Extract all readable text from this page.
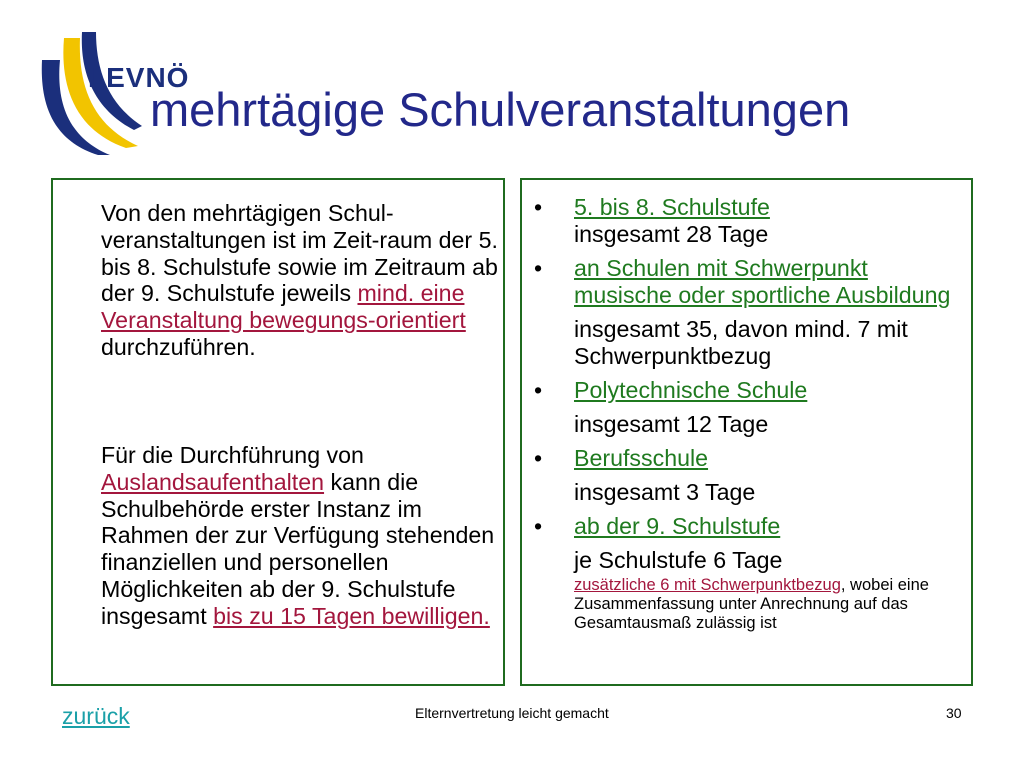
LEVNÖ
mehrtägige Schulveranstaltungen

Von den mehrtägigen Schul-veranstaltungen ist im Zeit-raum der 5. bis 8. Schulstufe sowie im Zeitraum ab der 9. Schulstufe jeweils mind. eine Veranstaltung bewegungs-orientiert durchzuführen.

Für die Durchführung von Auslandsaufenthalten kann die Schulbehörde erster Instanz im Rahmen der zur Verfügung stehenden finanziellen und personellen Möglichkeiten ab der 9. Schulstufe insgesamt bis zu 15 Tagen bewilligen.

• 5. bis 8. Schulstufe
insgesamt 28 Tage
• an Schulen mit Schwerpunkt musische oder sportliche Ausbildung
insgesamt 35, davon mind. 7 mit Schwerpunktbezug
• Polytechnische Schule
insgesamt 12 Tage
• Berufsschule
insgesamt 3 Tage
• ab der 9. Schulstufe
je Schulstufe 6 Tage
zusätzliche 6 mit Schwerpunktbezug, wobei eine Zusammenfassung unter Anrechnung auf das Gesamtausmaß zulässig ist
zurück	Elternvertretung leicht gemacht	30
